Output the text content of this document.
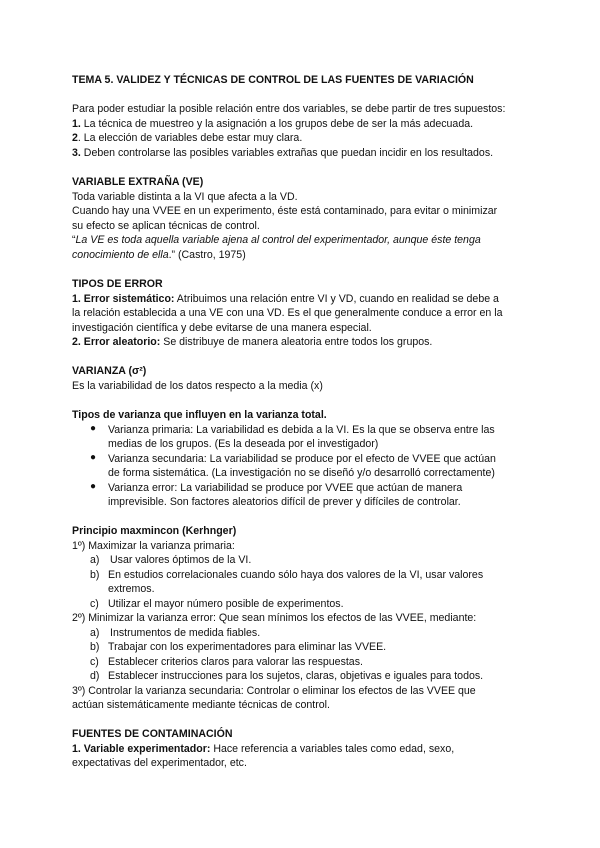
TEMA 5. VALIDEZ Y TÉCNICAS DE CONTROL DE LAS FUENTES DE VARIACIÓN
Para poder estudiar la posible relación entre dos variables, se debe partir de tres supuestos:
1. La técnica de muestreo y la asignación a los grupos debe de ser la más adecuada.
2. La elección de variables debe estar muy clara.
3. Deben controlarse las posibles variables extrañas que puedan incidir en los resultados.
VARIABLE EXTRAÑA (VE)
Toda variable distinta a la VI que afecta a la VD.
Cuando hay una VVEE en un experimento, éste está contaminado, para evitar o minimizar
su efecto se aplican técnicas de control.
“La VE es toda aquella variable ajena al control del experimentador, aunque éste tenga
conocimiento de ella.” (Castro, 1975)
TIPOS DE ERROR
1. Error sistemático: Atribuimos una relación entre VI y VD, cuando en realidad se debe a
la relación establecida a una VE con una VD. Es el que generalmente conduce a error en la
investigación científica y debe evitarse de una manera especial.
2. Error aleatorio: Se distribuye de manera aleatoria entre todos los grupos.
VARIANZA (σ²)
Es la variabilidad de los datos respecto a la media (x)
Tipos de varianza que influyen en la varianza total.
● Varianza primaria: La variabilidad es debida a la VI. Es la que se observa entre las
medias de los grupos. (Es la deseada por el investigador)
● Varianza secundaria: La variabilidad se produce por el efecto de VVEE que actúan
de forma sistemática. (La investigación no se diseñó y/o desarrolló correctamente)
● Varianza error: La variabilidad se produce por VVEE que actúan de manera
imprevisible. Son factores aleatorios difícil de prever y difíciles de controlar.
Principio maxmincon (Kerhnger)
1º) Maximizar la varianza primaria:
a) Usar valores óptimos de la VI.
b) En estudios correlacionales cuando sólo haya dos valores de la VI, usar valores
extremos.
c) Utilizar el mayor número posible de experimentos.
2º) Minimizar la varianza error: Que sean mínimos los efectos de las VVEE, mediante:
a) Instrumentos de medida fiables.
b) Trabajar con los experimentadores para eliminar las VVEE.
c) Establecer criterios claros para valorar las respuestas.
d) Establecer instrucciones para los sujetos, claras, objetivas e iguales para todos.
3º) Controlar la varianza secundaria: Controlar o eliminar los efectos de las VVEE que
actúan sistemáticamente mediante técnicas de control.
FUENTES DE CONTAMINACIÓN
1. Variable experimentador: Hace referencia a variables tales como edad, sexo,
expectativas del experimentador, etc.
